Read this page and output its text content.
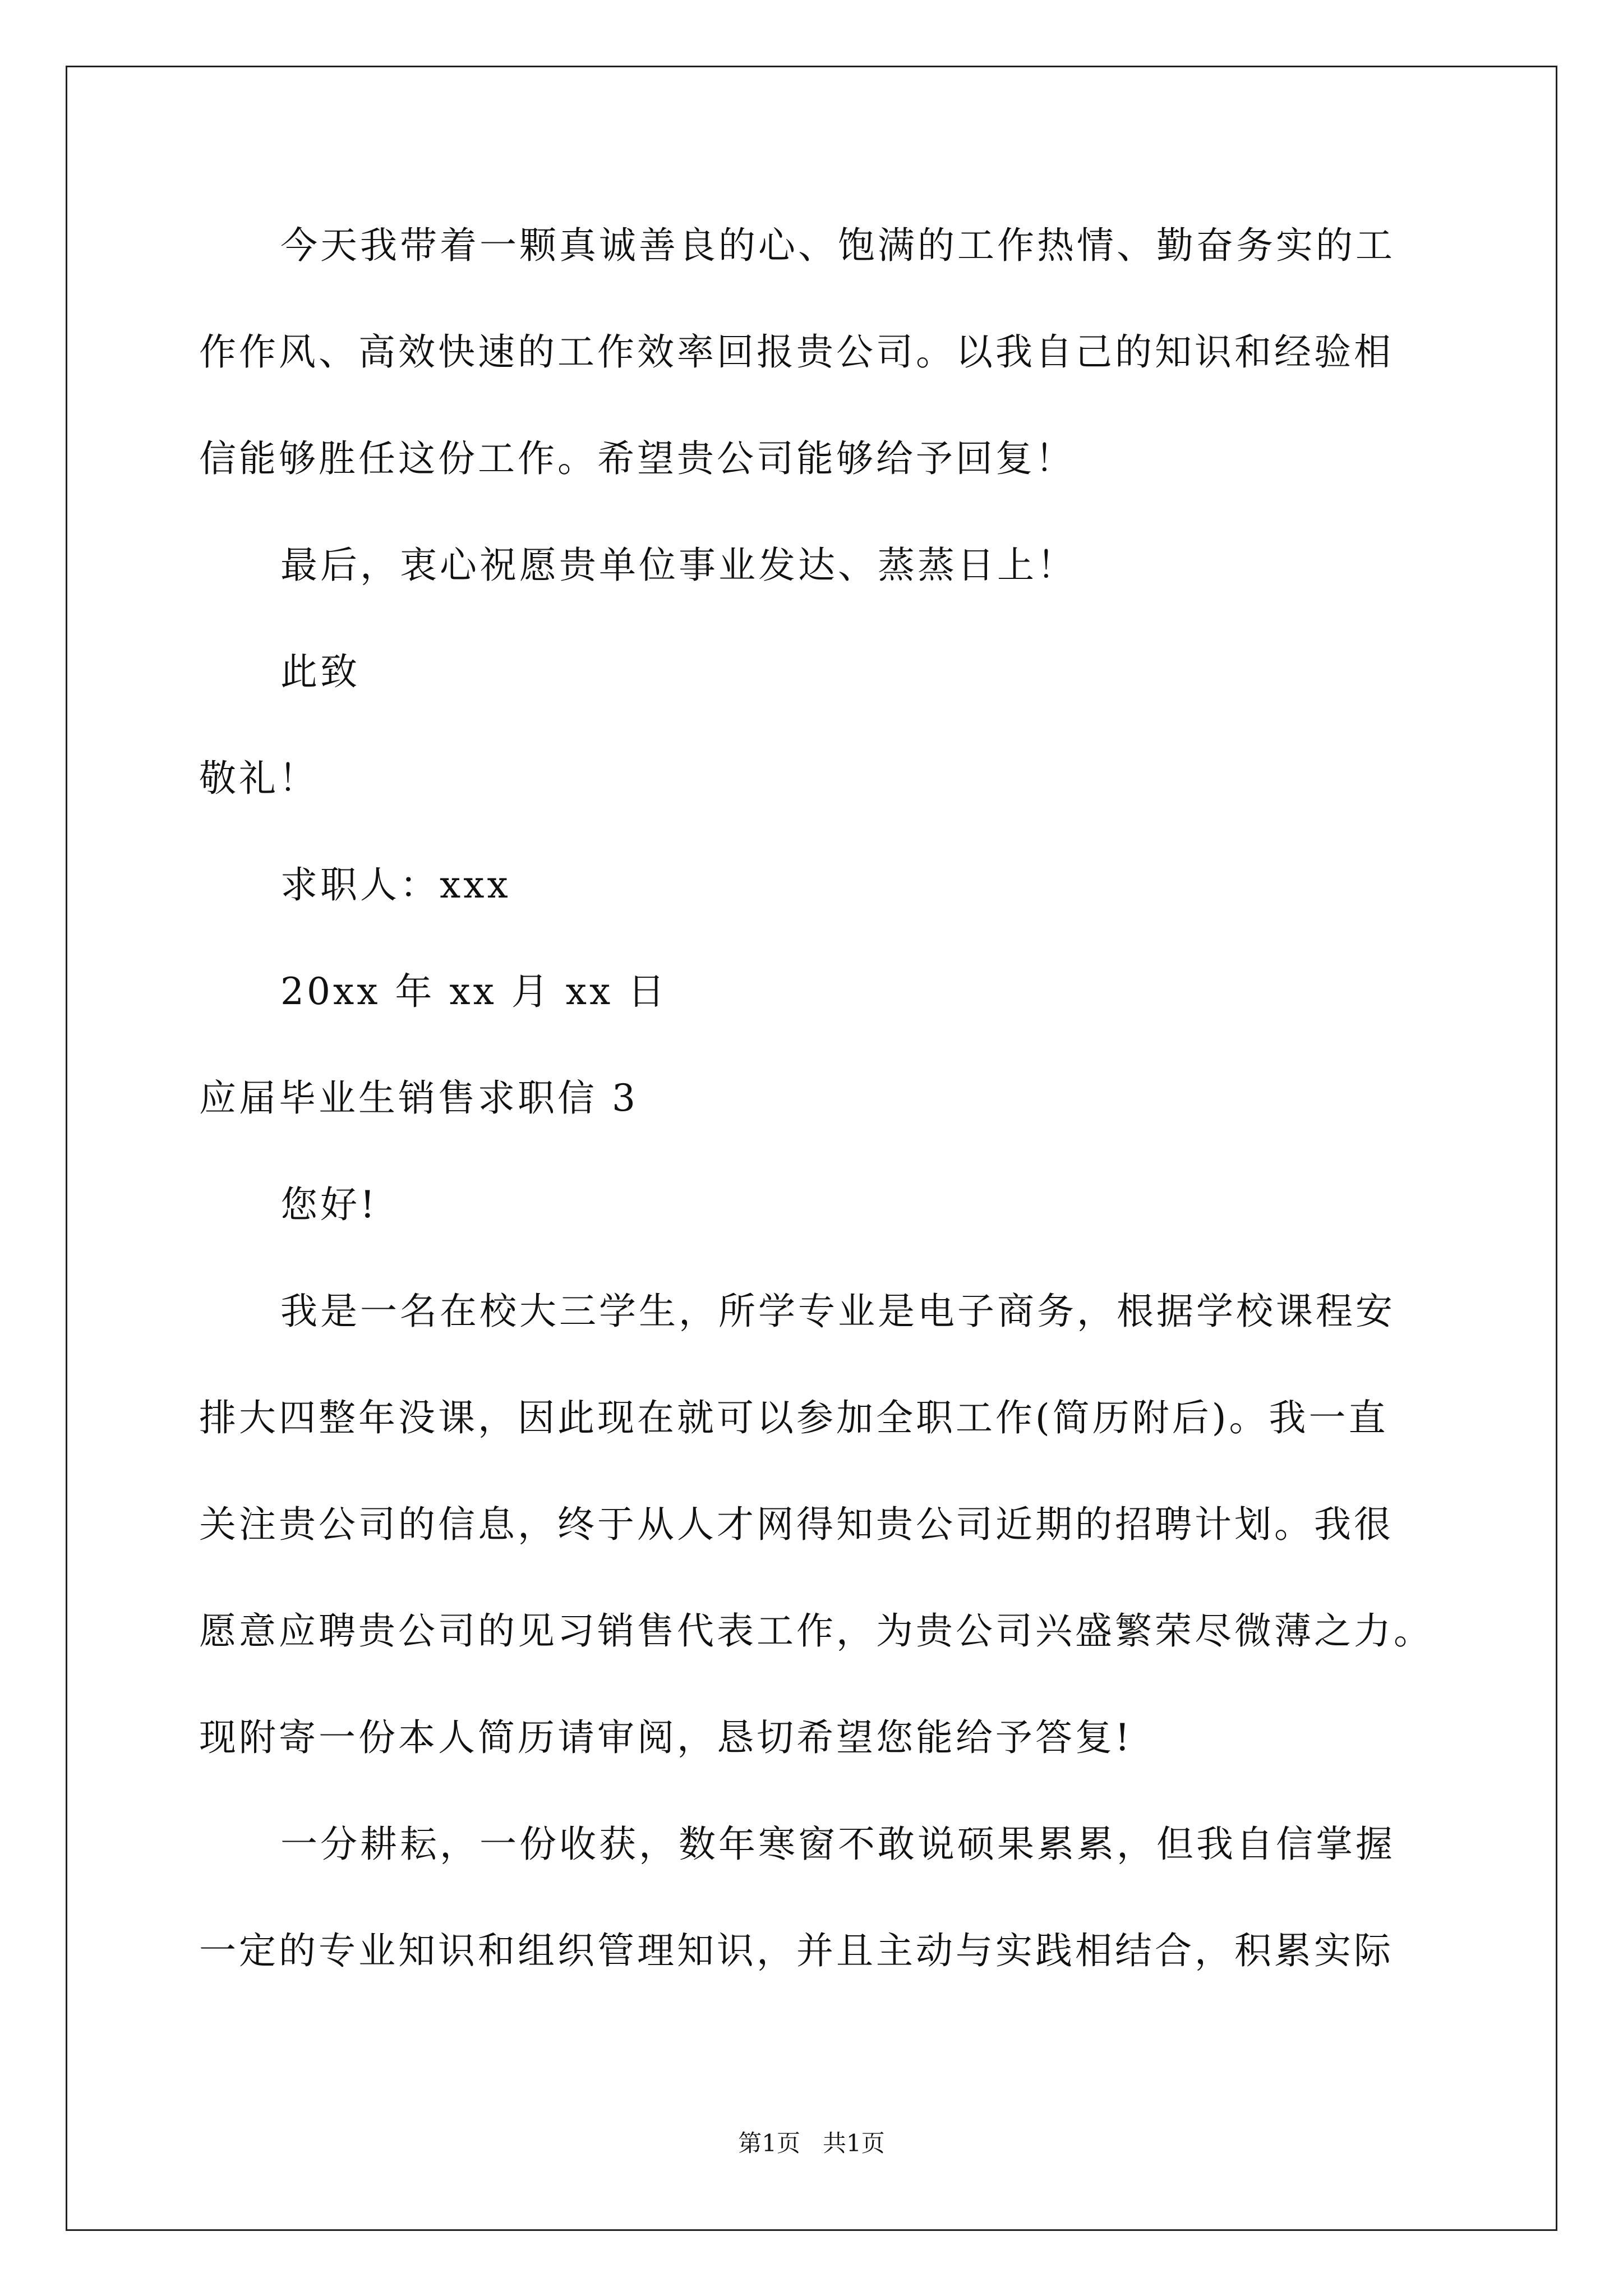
今天我带着一颗真诚善良的心、饱满的工作热情、勤奋务实的工
作作风、高效快速的工作效率回报贵公司。以我自己的知识和经验相
信能够胜任这份工作。希望贵公司能够给予回复！
最后，衷心祝愿贵单位事业发达、蒸蒸日上！
此致
敬礼！
求职人：xxx
20xx 年 xx 月 xx 日
应届毕业生销售求职信 3
您好!
我是一名在校大三学生，所学专业是电子商务，根据学校课程安
排大四整年没课，因此现在就可以参加全职工作(简历附后)。我一直
关注贵公司的信息，终于从人才网得知贵公司近期的招聘计划。我很
愿意应聘贵公司的见习销售代表工作，为贵公司兴盛繁荣尽微薄之力。
现附寄一份本人简历请审阅，恳切希望您能给予答复!
一分耕耘，一份收获，数年寒窗不敢说硕果累累，但我自信掌握
一定的专业知识和组织管理知识，并且主动与实践相结合，积累实际
第1页   共1页
